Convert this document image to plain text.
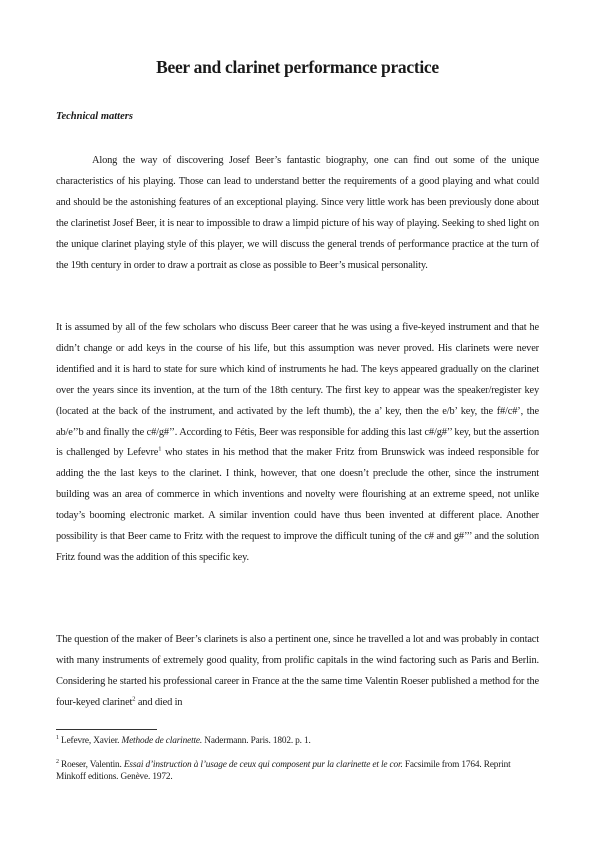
Beer and clarinet performance practice
Technical matters

Along the way of discovering Josef Beer’s fantastic biography, one can find out some of the unique characteristics of his playing. Those can lead to understand better the requirements of a good playing and what could and should be the astonishing features of an exceptional playing. Since very little work has been previously done about the clarinetist Josef Beer, it is near to impossible to draw a limpid picture of his way of playing. Seeking to shed light on the unique clarinet playing style of this player, we will discuss the general trends of performance practice at the turn of the 19th century in order to draw a portrait as close as possible to Beer’s musical personality.

It is assumed by all of the few scholars who discuss Beer career that he was using a five-keyed instrument and that he didn’t change or add keys in the course of his life, but this assumption was never proved. His clarinets were never identified and it is hard to state for sure which kind of instruments he had. The keys appeared gradually on the clarinet over the years since its invention, at the turn of the 18th century. The first key to appear was the speaker/register key (located at the back of the instrument, and activated by the left thumb), the a’ key, then the e/b’ key, the f#/c#’, the ab/e’’b and finally the c#/g#’’. According to Fétis, Beer was responsible for adding this last c#/g#’’ key, but the assertion is challenged by Lefevre$^1$ who states in his method that the maker Fritz from Brunswick was indeed responsible for adding the the last keys to the clarinet. I think, however, that one doesn’t preclude the other, since the instrument building was an area of commerce in which inventions and novelty were flourishing at an extreme speed, not unlike today’s booming electronic market. A similar invention could have thus been invented at different place. Another possibility is that Beer came to Fritz with the request to improve the difficult tuning of the c# and g#’’’ and the solution Fritz found was the addition of this specific key.

The question of the maker of Beer’s clarinets is also a pertinent one, since he travelled a lot and was probably in contact with many instruments of extremely good quality, from prolific capitals in the wind factoring such as Paris and Berlin. Considering he started his professional career in France at the the same time Valentin Roeser published a method for the four-keyed clarinet$^2$ and died in

$^1$ Lefevre, Xavier. Methode de clarinette. Nadermann. Paris. 1802. p. 1.

$^2$ Roeser, Valentin. Essai d’instruction à l’usage de ceux qui composent pur la clarinette et le cor. Facsimile from 1764. Reprint Minkoff editions. Genève. 1972.
